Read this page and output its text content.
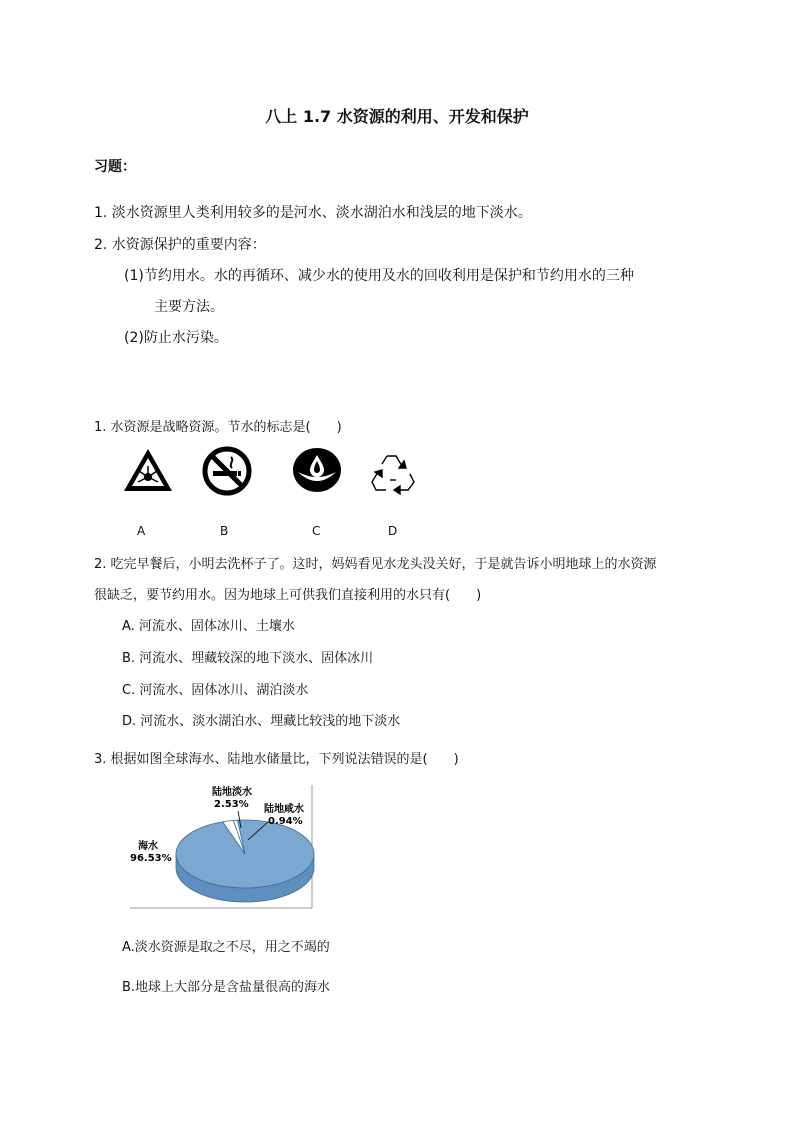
八上 1.7 水资源的利用、开发和保护
习题：
1. 淡水资源里人类利用较多的是河水、淡水湖泊水和浅层的地下淡水。
2. 水资源保护的重要内容：
(1)节约用水。水的再循环、减少水的使用及水的回收利用是保护和节约用水的三种
主要方法。
(2)防止水污染。
1. 水资源是战略资源。节水的标志是(　　)
A	B	C	D
2. 吃完早餐后，小明去洗杯子了。这时，妈妈看见水龙头没关好，于是就告诉小明地球上的水资源
很缺乏，要节约用水。因为地球上可供我们直接利用的水只有(　　)
A. 河流水、固体冰川、土壤水
B. 河流水、埋藏较深的地下淡水、固体冰川
C. 河流水、固体冰川、湖泊淡水
D. 河流水、淡水湖泊水、埋藏比较浅的地下淡水
3. 根据如图全球海水、陆地水储量比，下列说法错误的是(　　)
海水
96.53%
陆地淡水
2.53% 陆地咸水
0.94%
A.淡水资源是取之不尽，用之不竭的
B.地球上大部分是含盐量很高的海水
